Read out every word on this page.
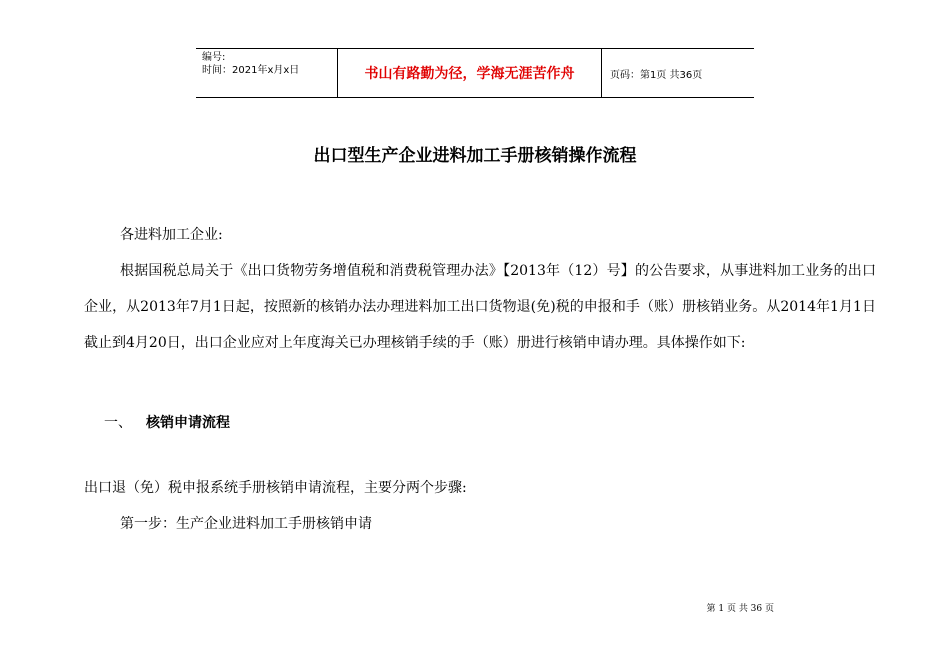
编号:
时间：2021年x月x日	书山有路勤为径，学海无涯苦作舟	页码：第1页 共36页
出口型生产企业进料加工手册核销操作流程
各进料加工企业:
根据国税总局关于《出口货物劳务增值税和消费税管理办法》【2013年（12）号】的公告要求，从事进料加工业务的出口企业，从2013年7月1日起，按照新的核销办法办理进料加工出口货物退(免)税的申报和手（账）册核销业务。从2014年1月1日截止到4月20日，出口企业应对上年度海关已办理核销手续的手（账）册进行核销申请办理。具体操作如下:
一、 核销申请流程
出口退（免）税申报系统手册核销申请流程，主要分两个步骤:
第一步：生产企业进料加工手册核销申请
第 1 页 共 36 页
